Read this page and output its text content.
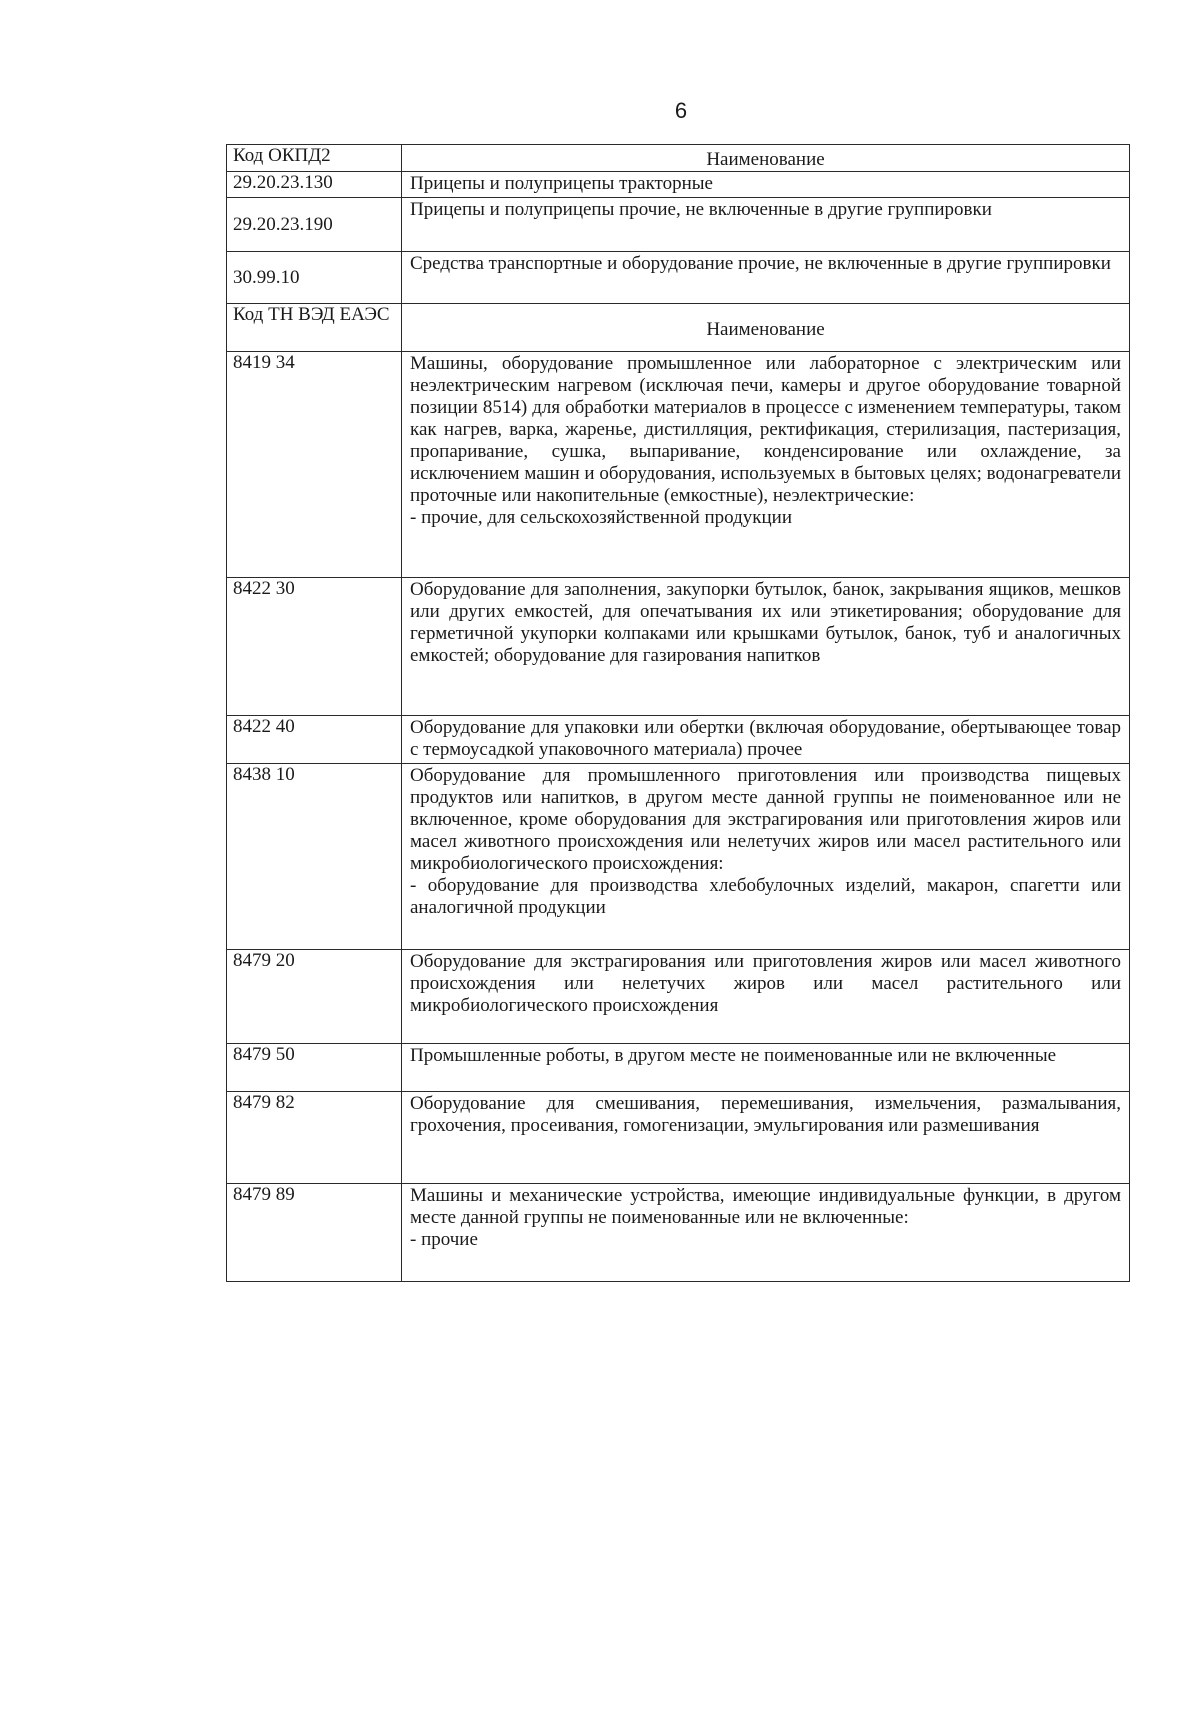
6
Код ОКПД2	Наименование
29.20.23.130	Прицепы и полуприцепы тракторные
29.20.23.190	Прицепы и полуприцепы прочие, не включенные в другие группировки
30.99.10	Средства транспортные и оборудование прочие, не включенные в другие группировки
Код ТН ВЭД ЕАЭС	Наименование
8419 34	Машины, оборудование промышленное или лабораторное с электрическим или неэлектрическим нагревом (исключая печи, камеры и другое оборудование товарной позиции 8514) для обработки материалов в процессе с изменением температуры, таком как нагрев, варка, жаренье, дистилляция, ректификация, стерилизация, пастеризация, пропаривание, сушка, выпаривание, конденсирование или охлаждение, за исключением машин и оборудования, используемых в бытовых целях; водонагреватели проточные или накопительные (емкостные), неэлектрические:
- прочие, для сельскохозяйственной продукции

8422 30	Оборудование для заполнения, закупорки бутылок, банок, закрывания ящиков, мешков или других емкостей, для опечатывания их или этикетирования; оборудование для герметичной укупорки колпаками или крышками бутылок, банок, туб и аналогичных емкостей; оборудование для газирования напитков
8422 40	Оборудование для упаковки или обертки (включая оборудование, обертывающее товар с термоусадкой упаковочного материала) прочее
8438 10	Оборудование для промышленного приготовления или производства пищевых продуктов или напитков, в другом месте данной группы не поименованное или не включенное, кроме оборудования для экстрагирования или приготовления жиров или масел животного происхождения или нелетучих жиров или масел растительного или микробиологического происхождения:
- оборудование для производства хлебобулочных изделий, макарон, спагетти или аналогичной продукции

8479 20	Оборудование для экстрагирования или приготовления жиров или масел животного происхождения или нелетучих жиров или масел растительного или микробиологического происхождения
8479 50	Промышленные роботы, в другом месте не поименованные или не включенные
8479 82	Оборудование для смешивания, перемешивания, измельчения, размалывания, грохочения, просеивания, гомогенизации, эмульгирования или размешивания
8479 89	Машины и механические устройства, имеющие индивидуальные функции, в другом месте данной группы не поименованные или не включенные:
- прочие
